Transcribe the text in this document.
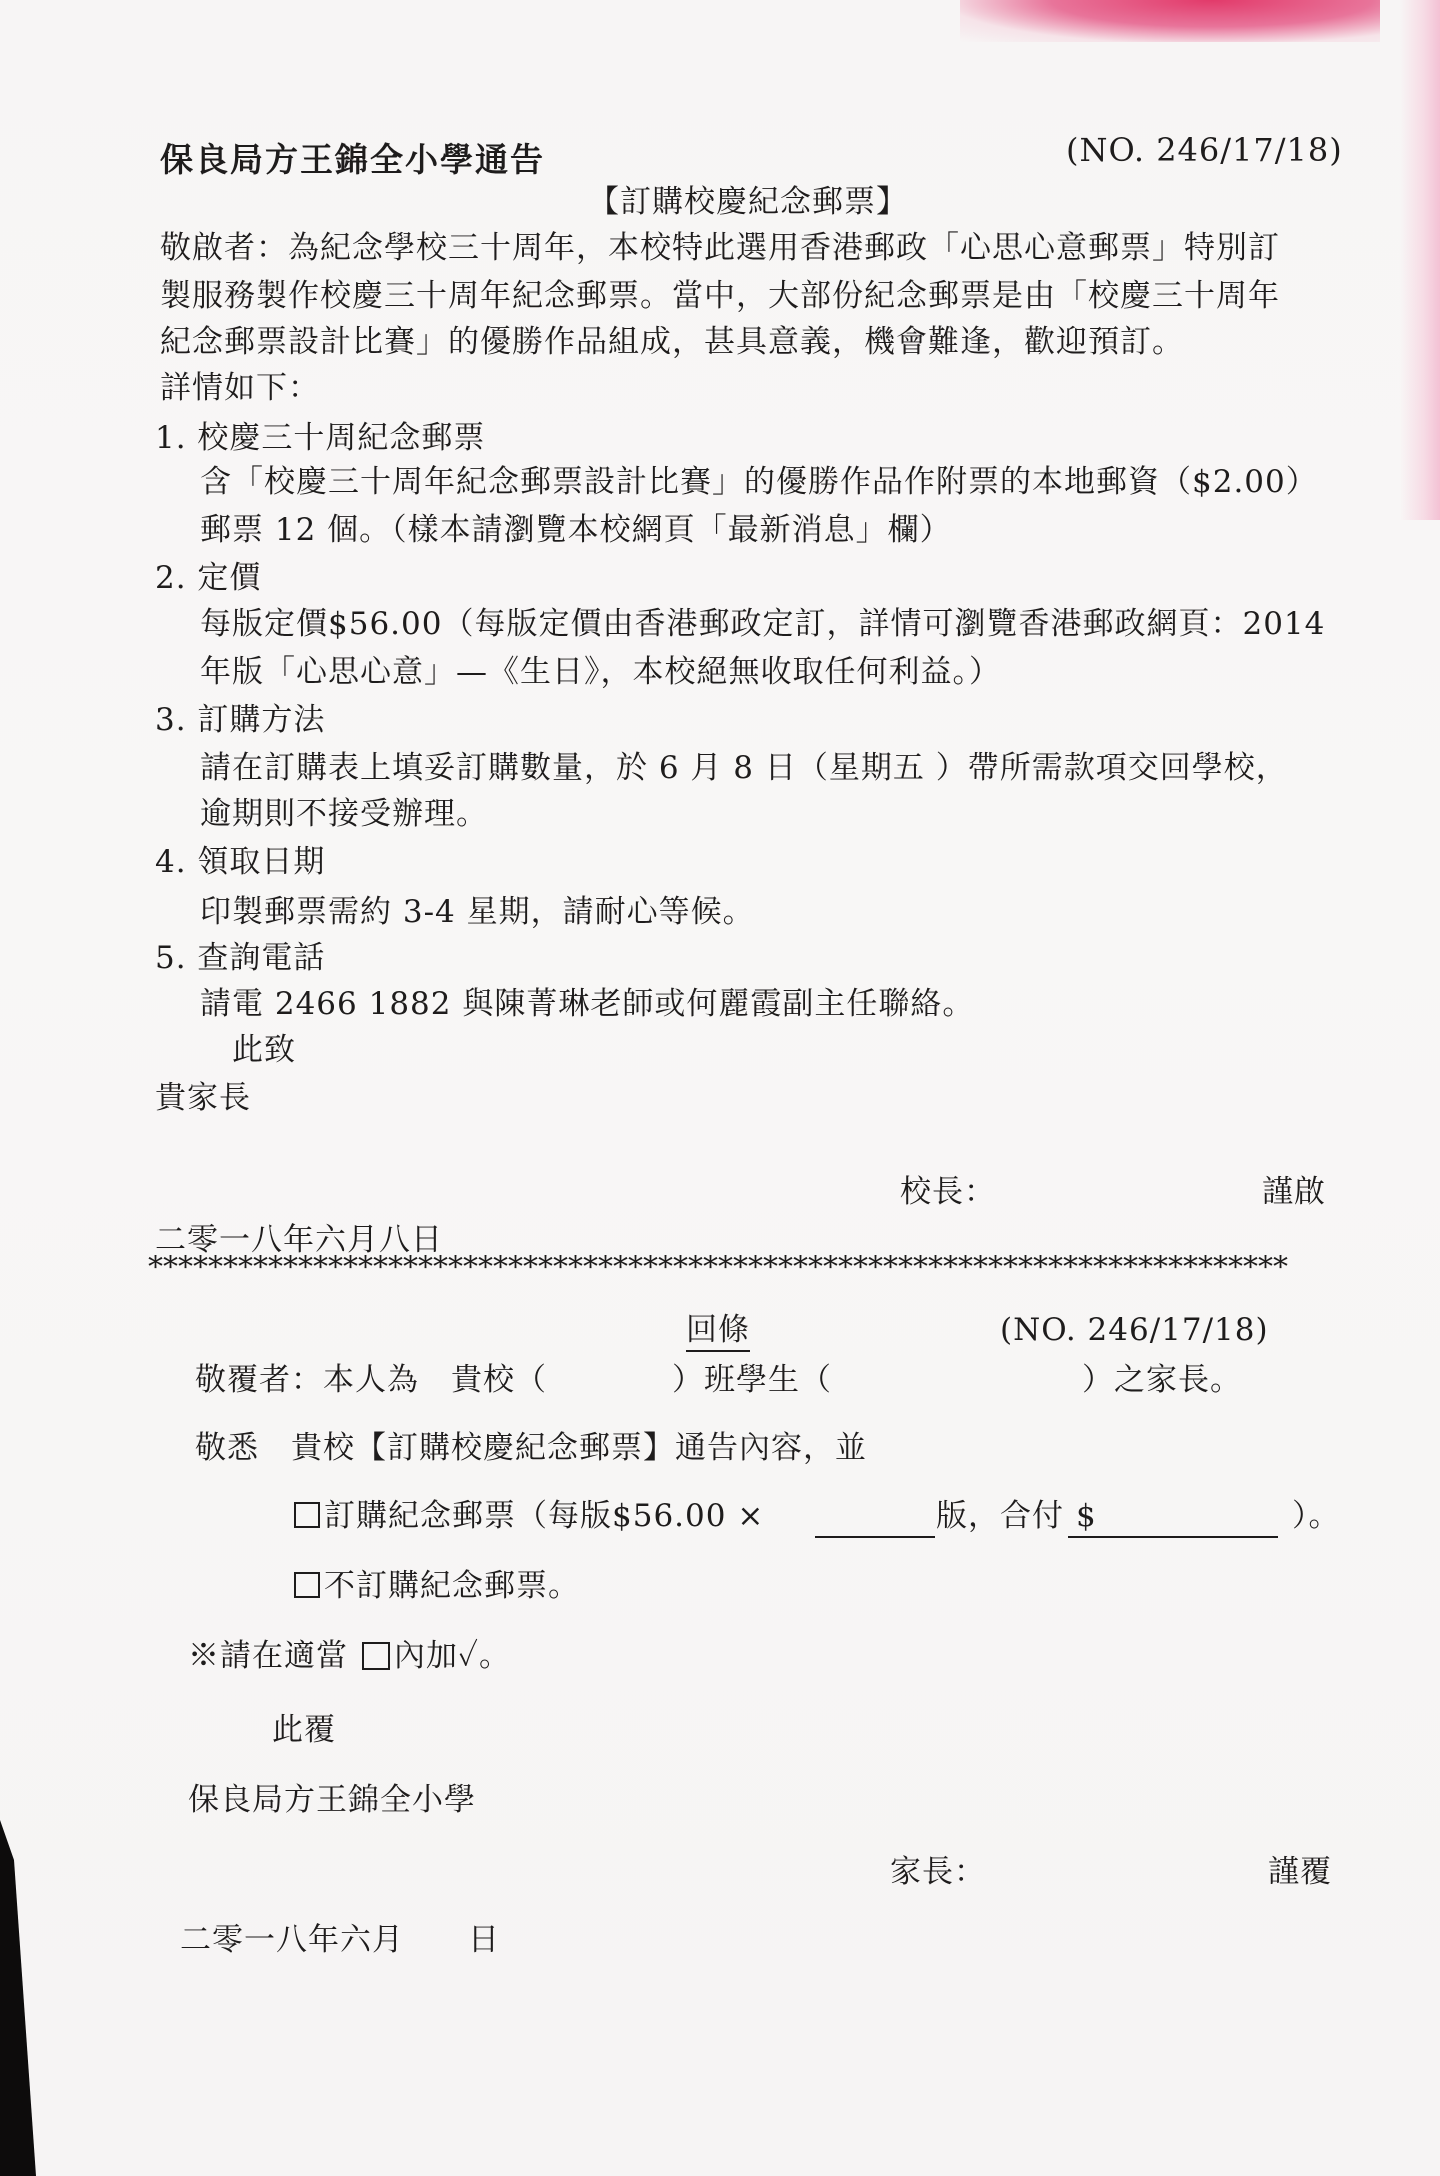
保良局方王錦全小學通告	(NO. 246/17/18)
【訂購校慶紀念郵票】
敬啟者：為紀念學校三十周年，本校特此選用香港郵政「心思心意郵票」特別訂
製服務製作校慶三十周年紀念郵票。當中，大部份紀念郵票是由「校慶三十周年
紀念郵票設計比賽」的優勝作品組成，甚具意義，機會難逢，歡迎預訂。
詳情如下：
1. 校慶三十周紀念郵票
含「校慶三十周年紀念郵票設計比賽」的優勝作品作附票的本地郵資（$2.00）
郵票 12 個。（樣本請瀏覽本校網頁「最新消息」欄）
2. 定價
每版定價$56.00（每版定價由香港郵政定訂，詳情可瀏覽香港郵政網頁：2014
年版「心思心意」—《生日》，本校絕無收取任何利益。）
3. 訂購方法
請在訂購表上填妥訂購數量，於 6 月 8 日（星期五 ）帶所需款項交回學校，
逾期則不接受辦理。
4. 領取日期
印製郵票需約 3-4 星期，請耐心等候。
5. 查詢電話
請電 2466 1882 與陳菁琳老師或何麗霞副主任聯絡。
此致
貴家長
校長：	謹啟
二零一八年六月八日
****************************************************************************
回條	(NO. 246/17/18)
敬覆者：本人為　貴校（	）班學生（	）之家長。
敬悉　貴校【訂購校慶紀念郵票】通告內容，並
訂購紀念郵票（每版$56.00 ×	版，合付 $	）。
不訂購紀念郵票。
※請在適當 內加✓。
此覆
保良局方王錦全小學
家長：	謹覆
二零一八年六月　　日
